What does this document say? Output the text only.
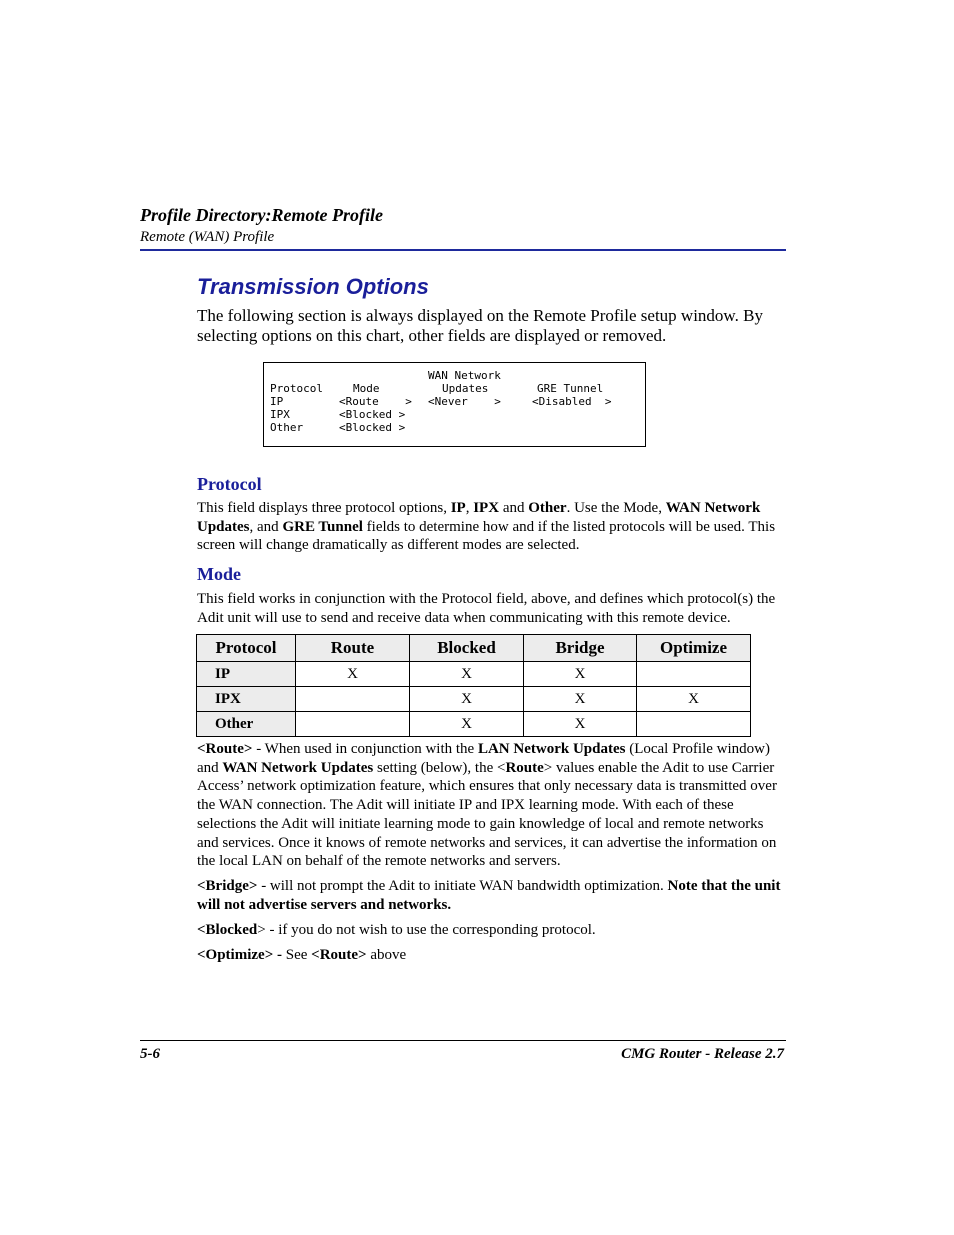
Profile Directory:Remote Profile
Remote (WAN) Profile
Transmission Options
The following section is always displayed on the Remote Profile setup window. By selecting options on this chart, other fields are displayed or removed.
WAN Network
Protocol	Mode	Updates	GRE Tunnel
IP	<Route    > <Never    >	<Disabled  >
IPX	<Blocked >
Other	<Blocked >
Protocol
This field displays three protocol options, IP, IPX and Other. Use the Mode, WAN Network Updates, and GRE Tunnel fields to determine how and if the listed protocols will be used. This screen will change dramatically as different modes are selected.
Mode
This field works in conjunction with the Protocol field, above, and defines which protocol(s) the Adit unit will use to send and receive data when communicating with this remote device.
Protocol	Route	Blocked	Bridge	Optimize
IP	X	X	X	
IPX		X	X	X
Other		X	X	
<Route> - When used in conjunction with the LAN Network Updates (Local Profile window) and WAN Network Updates setting (below), the <Route> values enable the Adit to use Carrier Access’ network optimization feature, which ensures that only necessary data is transmitted over the WAN connection. The Adit will initiate IP and IPX learning mode. With each of these selections the Adit will initiate learning mode to gain knowledge of local and remote networks and services. Once it knows of remote networks and services, it can advertise the information on the local LAN on behalf of the remote networks and servers.
<Bridge> - will not prompt the Adit to initiate WAN bandwidth optimization. Note that the unit will not advertise servers and networks.
<Blocked> - if you do not wish to use the corresponding protocol.
<Optimize> - See <Route> above
5-6	CMG Router - Release 2.7
